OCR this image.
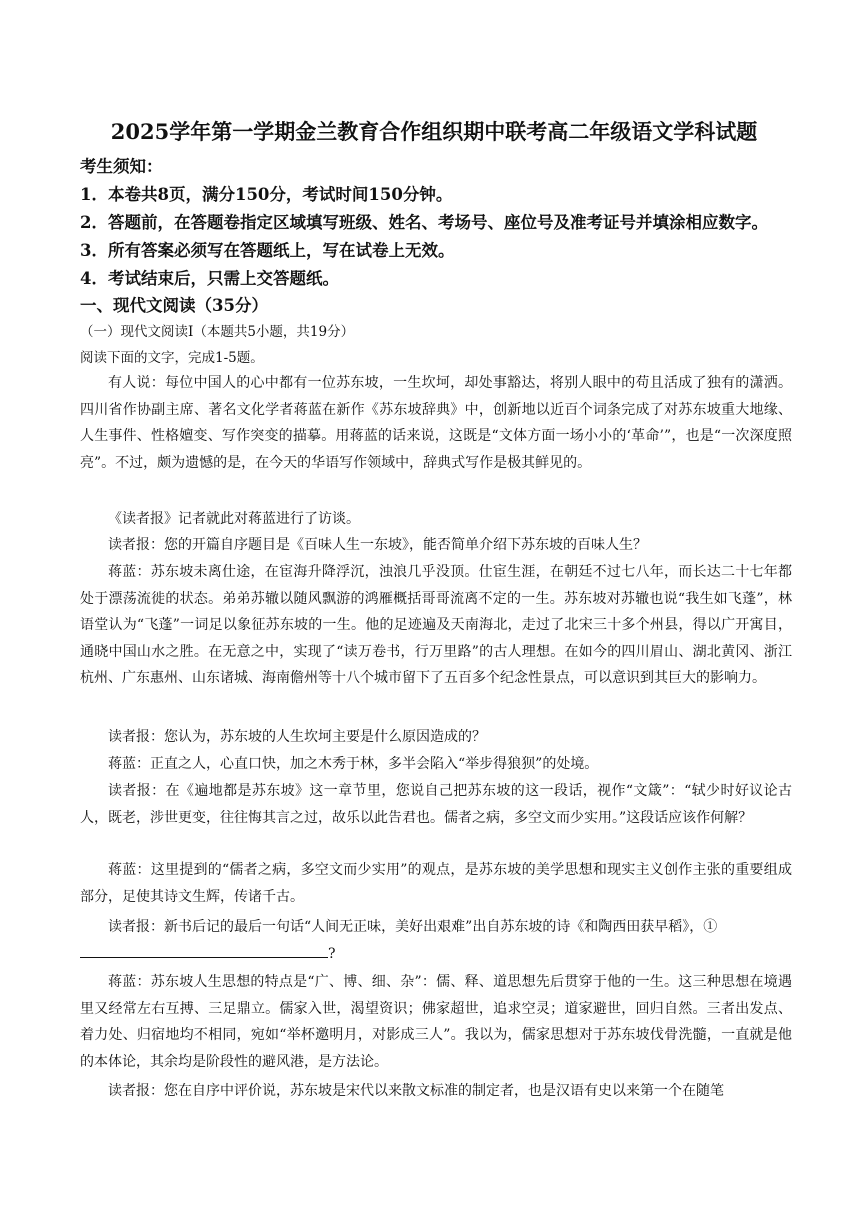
2025学年第一学期金兰教育合作组织期中联考高二年级语文学科试题
考生须知：
1．本卷共8页，满分150分，考试时间150分钟。
2．答题前，在答题卷指定区域填写班级、姓名、考场号、座位号及准考证号并填涂相应数字。
3．所有答案必须写在答题纸上，写在试卷上无效。
4．考试结束后，只需上交答题纸。
一、现代文阅读（35分）
（一）现代文阅读Ⅰ（本题共5小题，共19分）
阅读下面的文字，完成1-5题。

有人说：每位中国人的心中都有一位苏东坡，一生坎坷，却处事豁达，将别人眼中的苟且活成了独有的潇洒。四川省作协副主席、著名文化学者蒋蓝在新作《苏东坡辞典》中，创新地以近百个词条完成了对苏东坡重大地缘、人生事件、性格嬗变、写作突变的描摹。用蒋蓝的话来说，这既是“文体方面一场小小的‘革命’”，也是“一次深度照亮”。不过，颇为遗憾的是，在今天的华语写作领域中，辞典式写作是极其鲜见的。

《读者报》记者就此对蒋蓝进行了访谈。

读者报：您的开篇自序题目是《百味人生一东坡》，能否简单介绍下苏东坡的百味人生？

蒋蓝：苏东坡未离仕途，在宦海升降浮沉，浊浪几乎没顶。仕宦生涯，在朝廷不过七八年，而长达二十七年都处于漂荡流徙的状态。弟弟苏辙以随风飘游的鸿雁概括哥哥流离不定的一生。苏东坡对苏辙也说“我生如飞蓬”，林语堂认为“飞蓬”一词足以象征苏东坡的一生。他的足迹遍及天南海北，走过了北宋三十多个州县，得以广开寓目，通晓中国山水之胜。在无意之中，实现了“读万卷书，行万里路”的古人理想。在如今的四川眉山、湖北黄冈、浙江杭州、广东惠州、山东诸城、海南儋州等十八个城市留下了五百多个纪念性景点，可以意识到其巨大的影响力。

读者报：您认为，苏东坡的人生坎坷主要是什么原因造成的？

蒋蓝：正直之人，心直口快，加之木秀于林，多半会陷入“举步得狼狈”的处境。

读者报：在《遍地都是苏东坡》这一章节里，您说自己把苏东坡的这一段话，视作“文箴”：“轼少时好议论古人，既老，涉世更变，往往悔其言之过，故乐以此告君也。儒者之病，多空文而少实用。”这段话应该作何解？

蒋蓝：这里提到的“儒者之病，多空文而少实用”的观点，是苏东坡的美学思想和现实主义创作主张的重要组成部分，足使其诗文生辉，传诸千古。

读者报：新书后记的最后一句话“人间无正味，美好出艰难”出自苏东坡的诗《和陶西田获早稻》，①

?

蒋蓝：苏东坡人生思想的特点是“广、博、细、杂”：儒、释、道思想先后贯穿于他的一生。这三种思想在境遇里又经常左右互搏、三足鼎立。儒家入世，渴望资识；佛家超世，追求空灵；道家避世，回归自然。三者出发点、着力处、归宿地均不相同，宛如“举杯邀明月，对影成三人”。我以为，儒家思想对于苏东坡伐骨洗髓，一直就是他的本体论，其余均是阶段性的避风港，是方法论。

读者报：您在自序中评价说，苏东坡是宋代以来散文标准的制定者，也是汉语有史以来第一个在随笔
